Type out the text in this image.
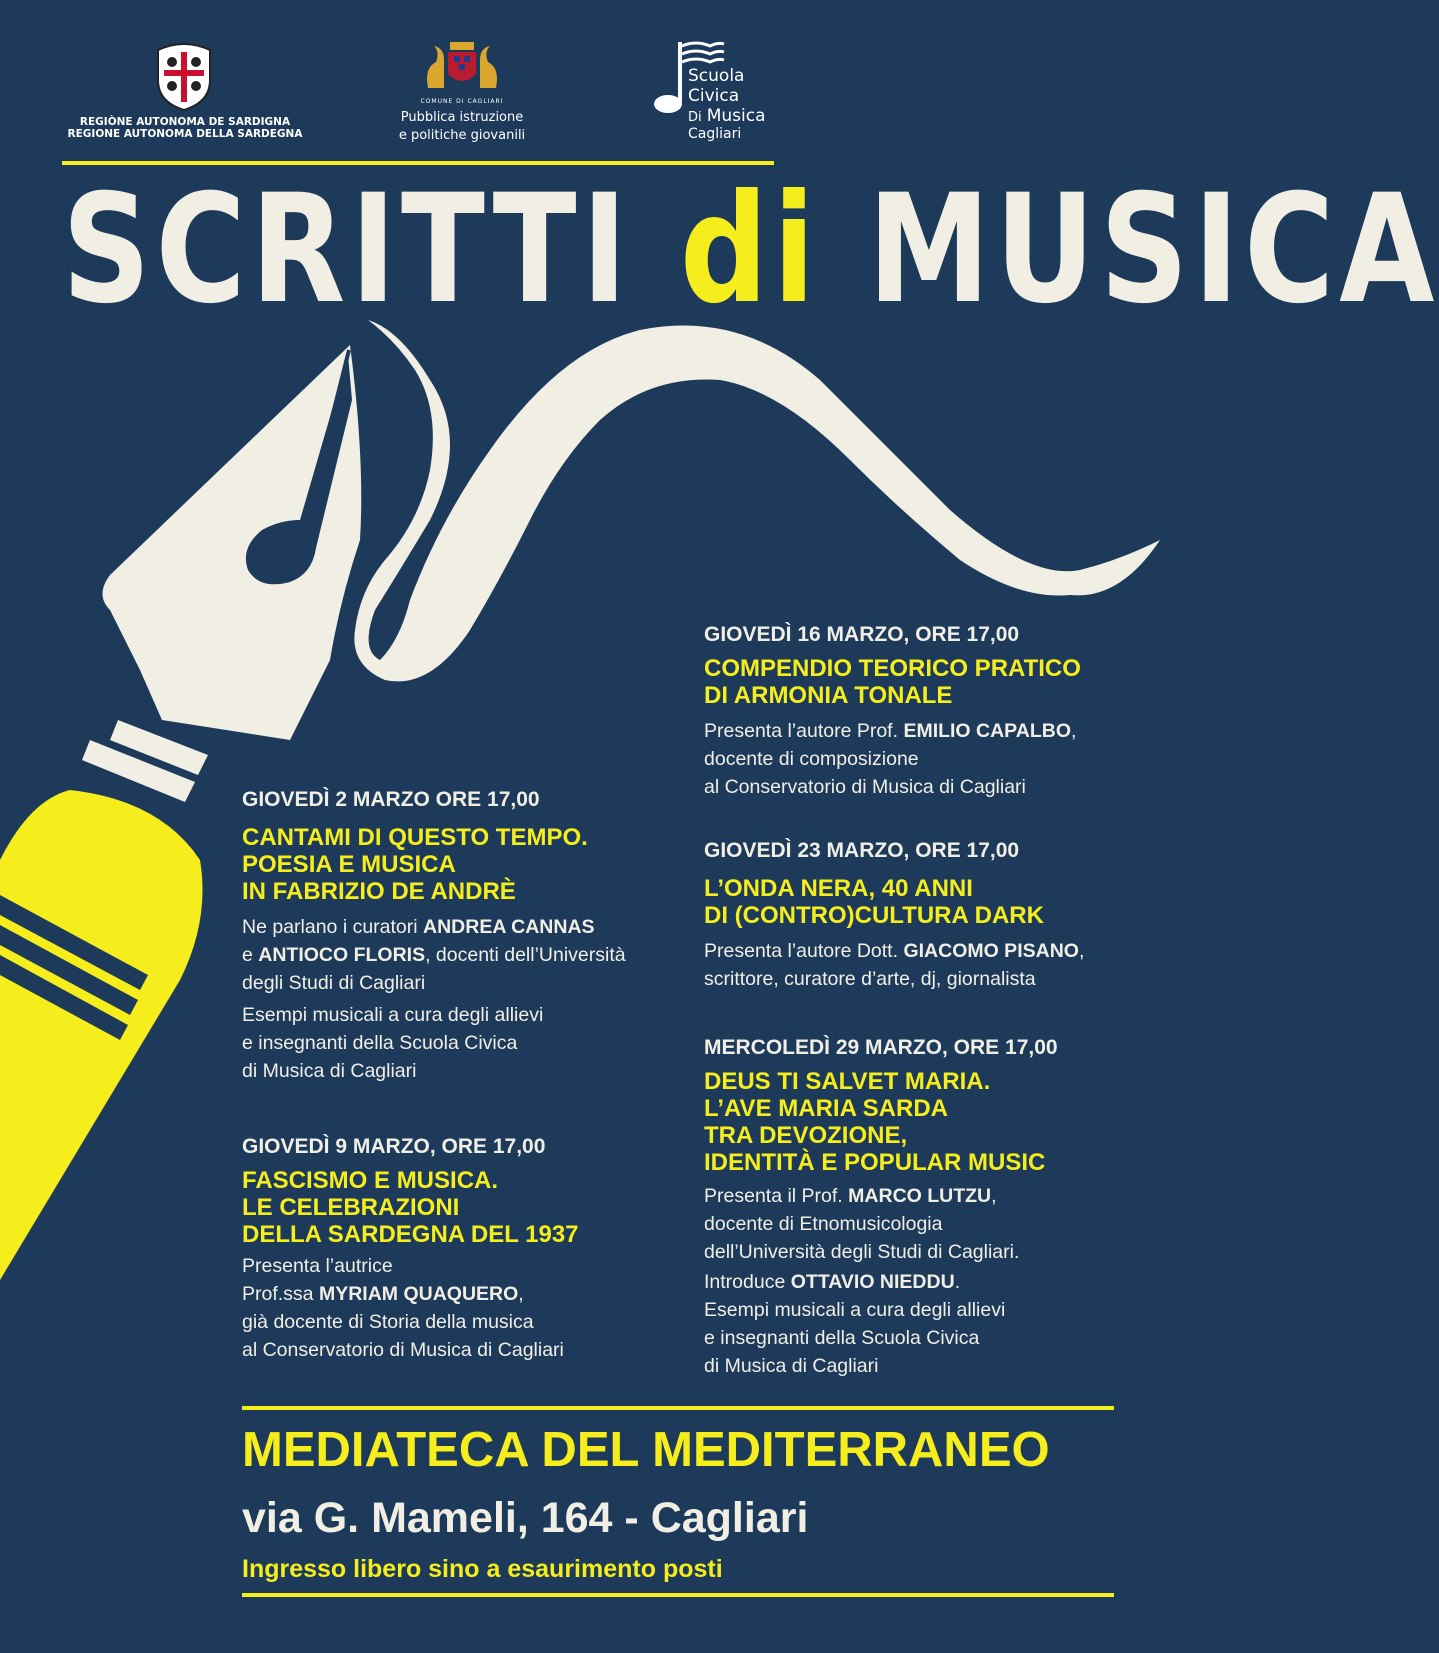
REGIÒNE AUTONOMA DE SARDIGNA
REGIONE AUTONOMA DELLA SARDEGNA
COMUNE DI CAGLIARI
Pubblica istruzione
e politiche giovanili
Scuola
Civica
Di Musica
Cagliari
SCRITTI di MUSICA
GIOVEDÌ 2 MARZO ORE 17,00
CANTAMI DI QUESTO TEMPO.
POESIA E MUSICA
IN FABRIZIO DE ANDRÈ
Ne parlano i curatori ANDREA CANNAS
e ANTIOCO FLORIS, docenti dell’Università
degli Studi di Cagliari
Esempi musicali a cura degli allievi
e insegnanti della Scuola Civica
di Musica di Cagliari
GIOVEDÌ 9 MARZO, ORE 17,00
FASCISMO E MUSICA.
LE CELEBRAZIONI
DELLA SARDEGNA DEL 1937
Presenta l’autrice
Prof.ssa MYRIAM QUAQUERO,
già docente di Storia della musica
al Conservatorio di Musica di Cagliari
GIOVEDÌ 16 MARZO, ORE 17,00
COMPENDIO TEORICO PRATICO
DI ARMONIA TONALE
Presenta l’autore Prof. EMILIO CAPALBO,
docente di composizione
al Conservatorio di Musica di Cagliari
GIOVEDÌ 23 MARZO, ORE 17,00
L’ONDA NERA, 40 ANNI
DI (CONTRO)CULTURA DARK
Presenta l’autore Dott. GIACOMO PISANO,
scrittore, curatore d’arte, dj, giornalista
MERCOLEDÌ 29 MARZO, ORE 17,00
DEUS TI SALVET MARIA.
L’AVE MARIA SARDA
TRA DEVOZIONE,
IDENTITÀ E POPULAR MUSIC
Presenta il Prof. MARCO LUTZU,
docente di Etnomusicologia
dell’Università degli Studi di Cagliari.
Introduce OTTAVIO NIEDDU.
Esempi musicali a cura degli allievi
e insegnanti della Scuola Civica
di Musica di Cagliari
MEDIATECA DEL MEDITERRANEO
via G. Mameli, 164 - Cagliari
Ingresso libero sino a esaurimento posti
